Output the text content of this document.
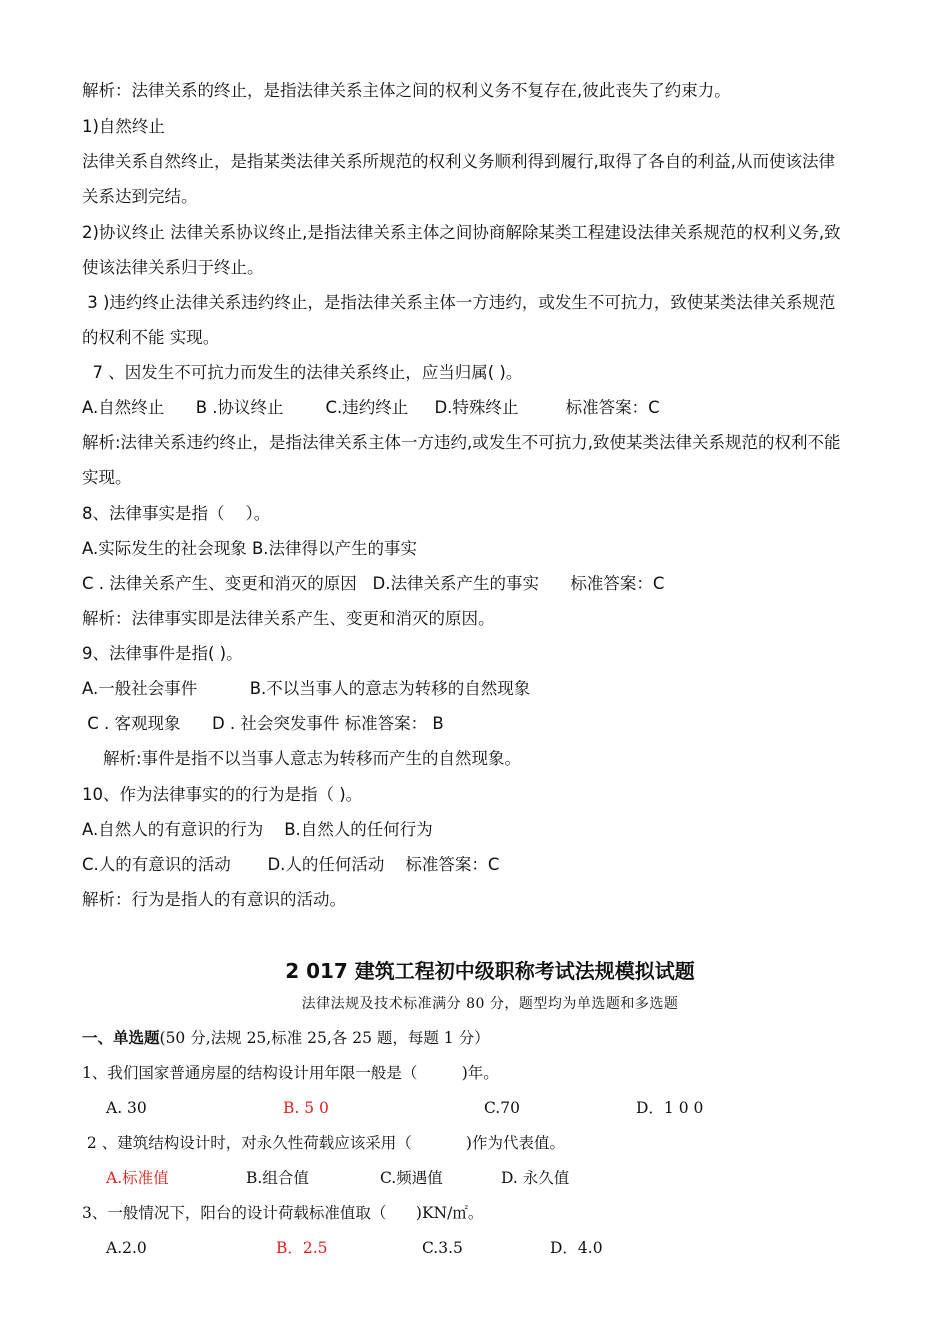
解析：法律关系的终止，是指法律关系主体之间的权利义务不复存在,彼此丧失了约束力。
1)自然终止
法律关系自然终止，是指某类法律关系所规范的权利义务顺利得到履行,取得了各自的利益,从而使该法律
关系达到完结。
2)协议终止 法律关系协议终止,是指法律关系主体之间协商解除某类工程建设法律关系规范的权利义务,致
使该法律关系归于终止。
3 )违约终止法律关系违约终止，是指法律关系主体一方违约，或发生不可抗力，致使某类法律关系规范
的权利不能 实现。
7 、因发生不可抗力而发生的法律关系终止，应当归属( )。
A.自然终止      B .协议终止        C.违约终止     D.特殊终止         标准答案：C
解析:法律关系违约终止，是指法律关系主体一方违约,或发生不可抗力,致使某类法律关系规范的权利不能
实现。
8、法律事实是指（    ）。
A.实际发生的社会现象 B.法律得以产生的事实
C . 法律关系产生、变更和消灭的原因   D.法律关系产生的事实      标准答案：C
解析：法律事实即是法律关系产生、变更和消灭的原因。
9、法律事件是指( )。
A.一般社会事件          B.不以当事人的意志为转移的自然现象
C . 客观现象      D . 社会突发事件 标准答案： B
解析:事件是指不以当事人意志为转移而产生的自然现象。
10、作为法律事实的的行为是指（ )。
A.自然人的有意识的行为    B.自然人的任何行为
C.人的有意识的活动       D.人的任何活动    标准答案：C
解析：行为是指人的有意识的活动。
2 017 建筑工程初中级职称考试法规模拟试题
法律法规及技术标准满分 80 分，题型均为单选题和多选题
一、单选题(50 分,法规 25,标准 25,各 25 题，每题 1 分）
1、我们国家普通房屋的结构设计用年限一般是（         )年。
A. 30	B. 5 0	C.70	D．1 0 0
2 、建筑结构设计时，对永久性荷载应该采用（           )作为代表值。
A.标准值	B.组合值	C.频遇值	D. 永久值
3、一般情况下，阳台的设计荷载标准值取（      )KN/㎡。
A.2.0	B．2.5	C.3.5	D．4.0
